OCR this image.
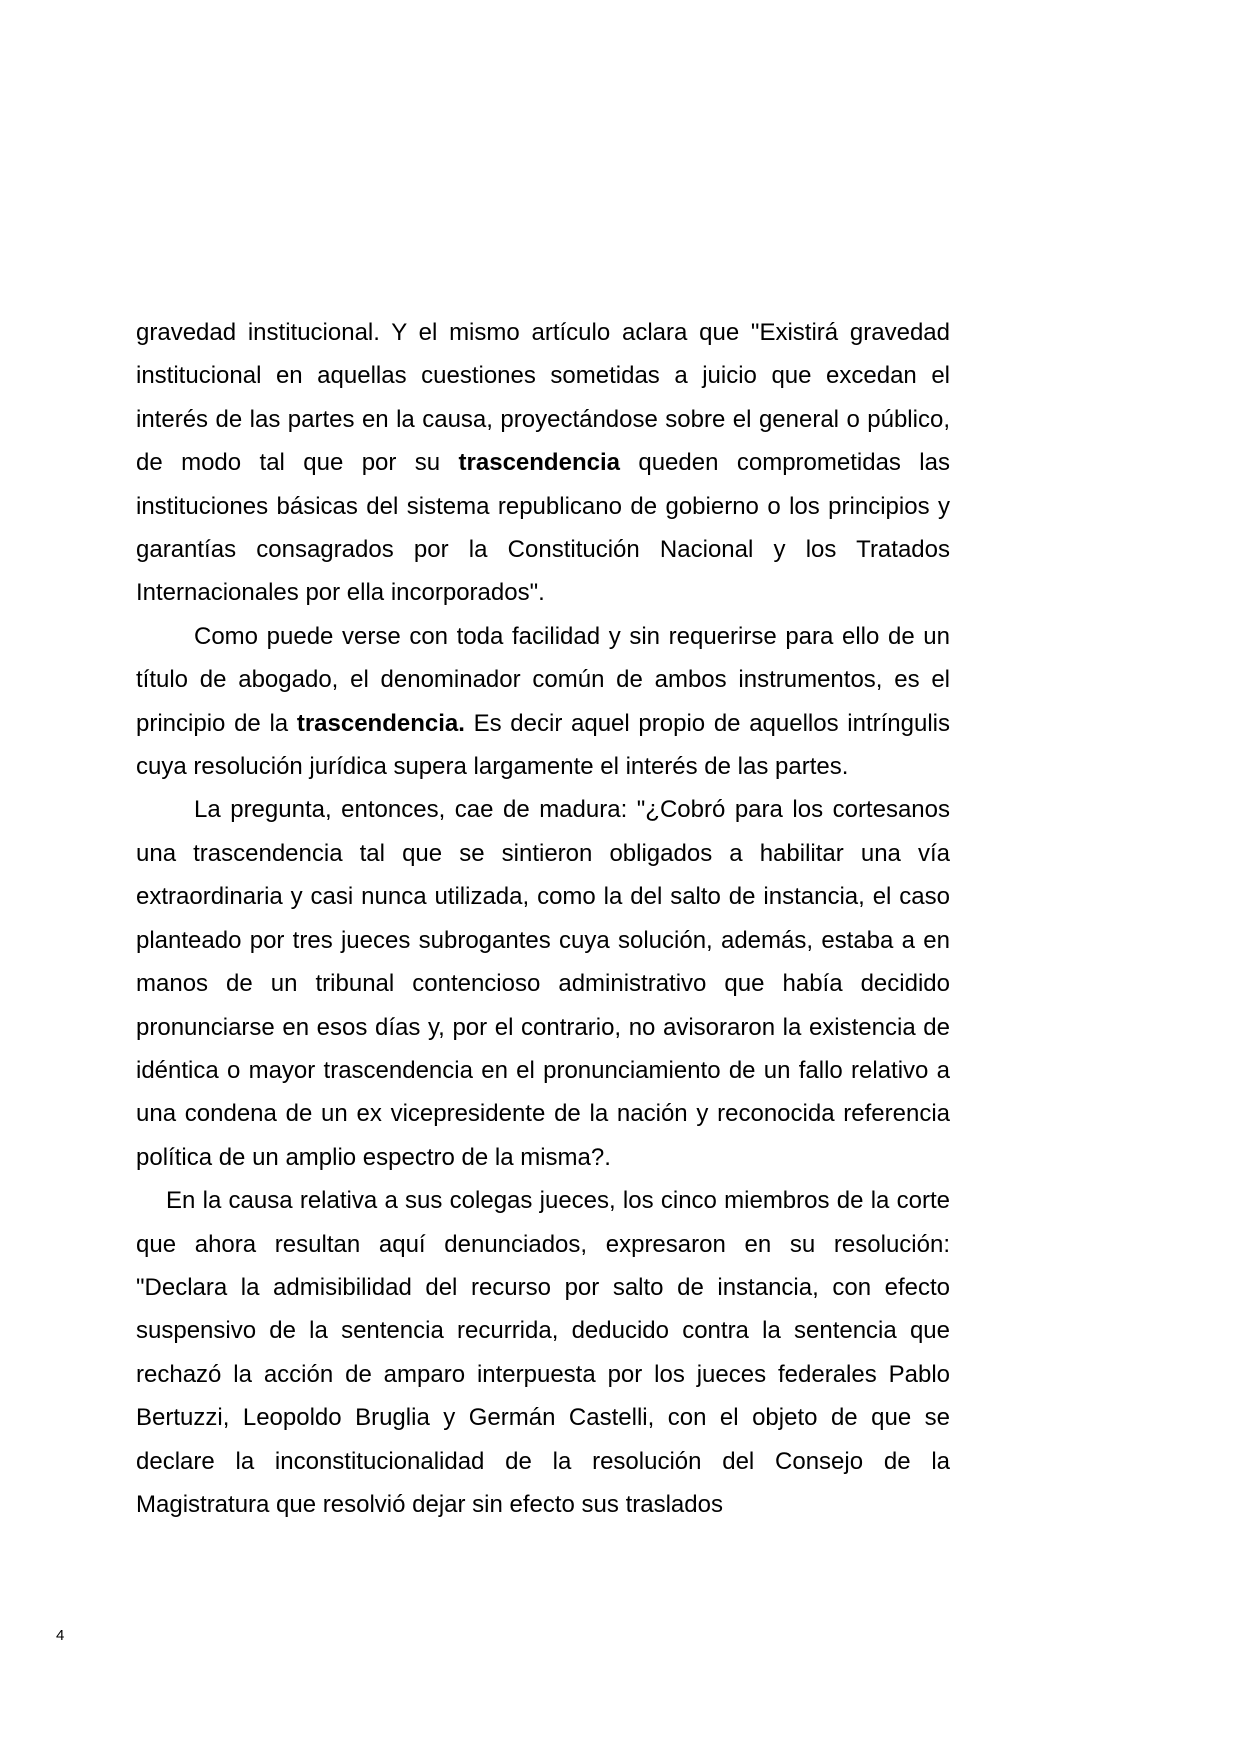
gravedad institucional. Y el mismo artículo aclara que "Existirá gravedad institucional en aquellas cuestiones sometidas a juicio que excedan el interés de las partes en la causa, proyectándose sobre el general o público, de modo tal que por su trascendencia queden comprometidas las instituciones básicas del sistema republicano de gobierno o los principios y garantías consagrados por la Constitución Nacional y los Tratados Internacionales por ella incorporados".

Como puede verse con toda facilidad y sin requerirse para ello de un título de abogado, el denominador común de ambos instrumentos, es el principio de la trascendencia. Es decir aquel propio de aquellos intríngulis cuya resolución jurídica supera largamente el interés de las partes.

La pregunta, entonces, cae de madura: "¿Cobró para los cortesanos una trascendencia tal que se sintieron obligados a habilitar una vía extraordinaria y casi nunca utilizada, como la del salto de instancia, el caso planteado por tres jueces subrogantes cuya solución, además, estaba a en manos de un tribunal contencioso administrativo que había decidido pronunciarse en esos días y, por el contrario, no avisoraron la existencia de idéntica o mayor trascendencia en el pronunciamiento de un fallo relativo a una condena de un ex vicepresidente de la nación y reconocida referencia política de un amplio espectro de la misma?.

En la causa relativa a sus colegas jueces, los cinco miembros de la corte que ahora resultan aquí denunciados, expresaron en su resolución: "Declara la admisibilidad del recurso por salto de instancia, con efecto suspensivo de la sentencia recurrida, deducido contra la sentencia que rechazó la acción de amparo interpuesta por los jueces federales Pablo Bertuzzi, Leopoldo Bruglia y Germán Castelli, con el objeto de que se declare la inconstitucionalidad de la resolución del Consejo de la Magistratura que resolvió dejar sin efecto sus traslados

4
